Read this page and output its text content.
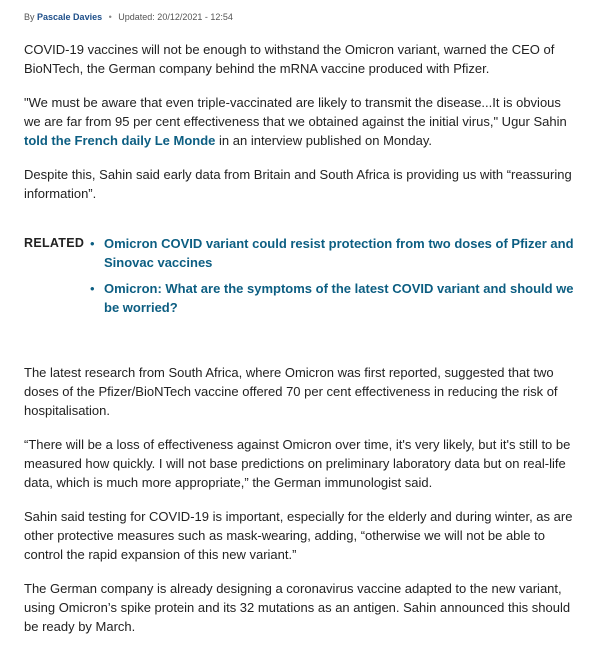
By Pascale Davies • Updated: 20/12/2021 - 12:54

COVID-19 vaccines will not be enough to withstand the Omicron variant, warned the CEO of BioNTech, the German company behind the mRNA vaccine produced with Pfizer.

"We must be aware that even triple-vaccinated are likely to transmit the disease...It is obvious we are far from 95 per cent effectiveness that we obtained against the initial virus," Ugur Sahin told the French daily Le Monde in an interview published on Monday.

Despite this, Sahin said early data from Britain and South Africa is providing us with “reassuring information”.

RELATED • Omicron COVID variant could resist protection from two doses of Pfizer and Sinovac vaccines
• Omicron: What are the symptoms of the latest COVID variant and should we be worried?

The latest research from South Africa, where Omicron was first reported, suggested that two doses of the Pfizer/BioNTech vaccine offered 70 per cent effectiveness in reducing the risk of hospitalisation.

“There will be a loss of effectiveness against Omicron over time, it's very likely, but it's still to be measured how quickly. I will not base predictions on preliminary laboratory data but on real-life data, which is much more appropriate,” the German immunologist said.

Sahin said testing for COVID-19 is important, especially for the elderly and during winter, as are other protective measures such as mask-wearing, adding, “otherwise we will not be able to control the rapid expansion of this new variant.”

The German company is already designing a coronavirus vaccine adapted to the new variant, using Omicron’s spike protein and its 32 mutations as an antigen. Sahin announced this should be ready by March.
